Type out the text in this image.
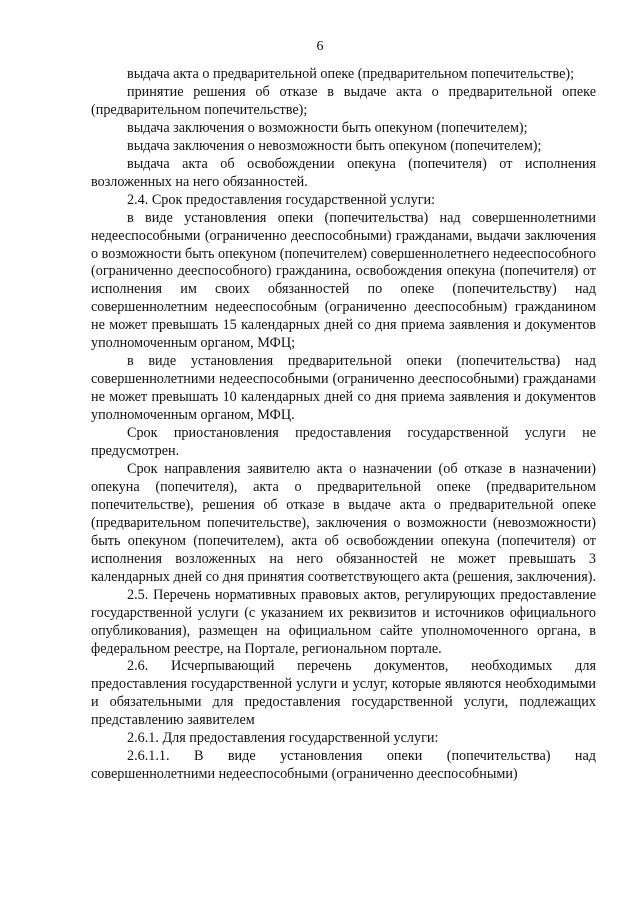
6

выдача акта о предварительной опеке (предварительном попечительстве);

принятие решения об отказе в выдаче акта о предварительной опеке (предварительном попечительстве);

выдача заключения о возможности быть опекуном (попечителем);

выдача заключения о невозможности быть опекуном (попечителем);

выдача акта об освобождении опекуна (попечителя) от исполнения возложенных на него обязанностей.

2.4. Срок предоставления государственной услуги:

в виде установления опеки (попечительства) над совершеннолетними недееспособными (ограниченно дееспособными) гражданами, выдачи заключения о возможности быть опекуном (попечителем) совершеннолетнего недееспособного (ограниченно дееспособного) гражданина, освобождения опекуна (попечителя) от исполнения им своих обязанностей по опеке (попечительству) над совершеннолетним недееспособным (ограниченно дееспособным) гражданином не может превышать 15 календарных дней со дня приема заявления и документов уполномоченным органом, МФЦ;

в виде установления предварительной опеки (попечительства) над совершеннолетними недееспособными (ограниченно дееспособными) гражданами не может превышать 10 календарных дней со дня приема заявления и документов уполномоченным органом, МФЦ.

Срок приостановления предоставления государственной услуги не предусмотрен.

Срок направления заявителю акта о назначении (об отказе в назначении) опекуна (попечителя), акта о предварительной опеке (предварительном попечительстве), решения об отказе в выдаче акта о предварительной опеке (предварительном попечительстве), заключения о возможности (невозможности) быть опекуном (попечителем), акта об освобождении опекуна (попечителя) от исполнения возложенных на него обязанностей не может превышать 3 календарных дней со дня принятия соответствующего акта (решения, заключения).

2.5. Перечень нормативных правовых актов, регулирующих предоставление государственной услуги (с указанием их реквизитов и источников официального опубликования), размещен на официальном сайте уполномоченного органа, в федеральном реестре, на Портале, региональном портале.

2.6. Исчерпывающий перечень документов, необходимых для предоставления государственной услуги и услуг, которые являются необходимыми и обязательными для предоставления государственной услуги, подлежащих представлению заявителем

2.6.1. Для предоставления государственной услуги:

2.6.1.1. В виде установления опеки (попечительства) над совершеннолетними недееспособными (ограниченно дееспособными)
